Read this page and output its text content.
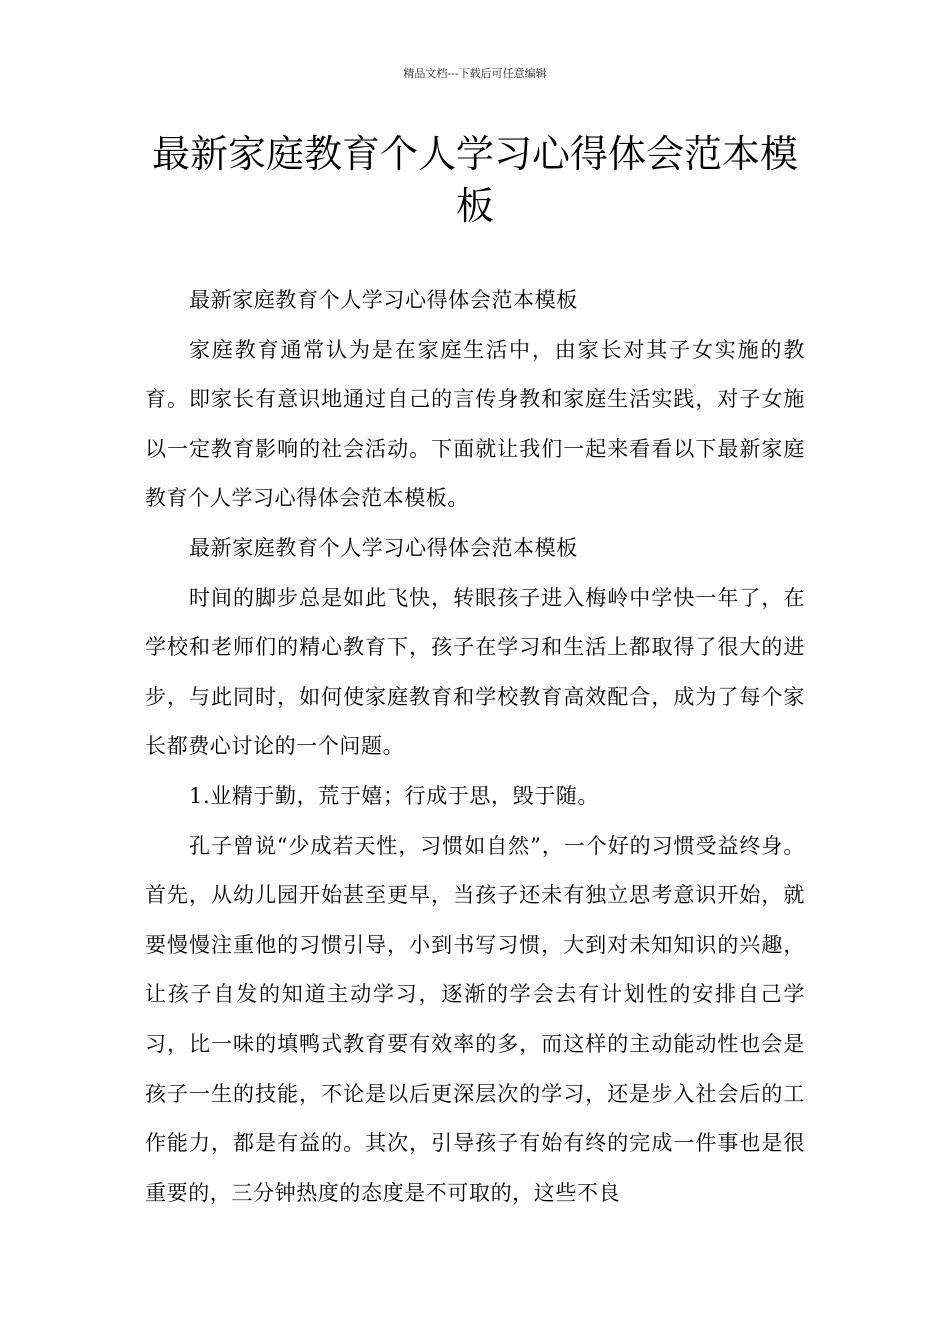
精品文档---下载后可任意编辑
最新家庭教育个人学习心得体会范本模板

最新家庭教育个人学习心得体会范本模板

家庭教育通常认为是在家庭生活中，由家长对其子女实施的教育。即家长有意识地通过自己的言传身教和家庭生活实践，对子女施以一定教育影响的社会活动。下面就让我们一起来看看以下最新家庭教育个人学习心得体会范本模板。

最新家庭教育个人学习心得体会范本模板

时间的脚步总是如此飞快，转眼孩子进入梅岭中学快一年了，在学校和老师们的精心教育下，孩子在学习和生活上都取得了很大的进步，与此同时，如何使家庭教育和学校教育高效配合，成为了每个家长都费心讨论的一个问题。

1.业精于勤，荒于嬉；行成于思，毁于随。

孔子曾说“少成若天性，习惯如自然”，一个好的习惯受益终身。首先，从幼儿园开始甚至更早，当孩子还未有独立思考意识开始，就要慢慢注重他的习惯引导，小到书写习惯，大到对未知知识的兴趣，让孩子自发的知道主动学习，逐渐的学会去有计划性的安排自己学习，比一味的填鸭式教育要有效率的多，而这样的主动能动性也会是孩子一生的技能，不论是以后更深层次的学习，还是步入社会后的工作能力，都是有益的。其次，引导孩子有始有终的完成一件事也是很重要的，三分钟热度的态度是不可取的，这些不良
